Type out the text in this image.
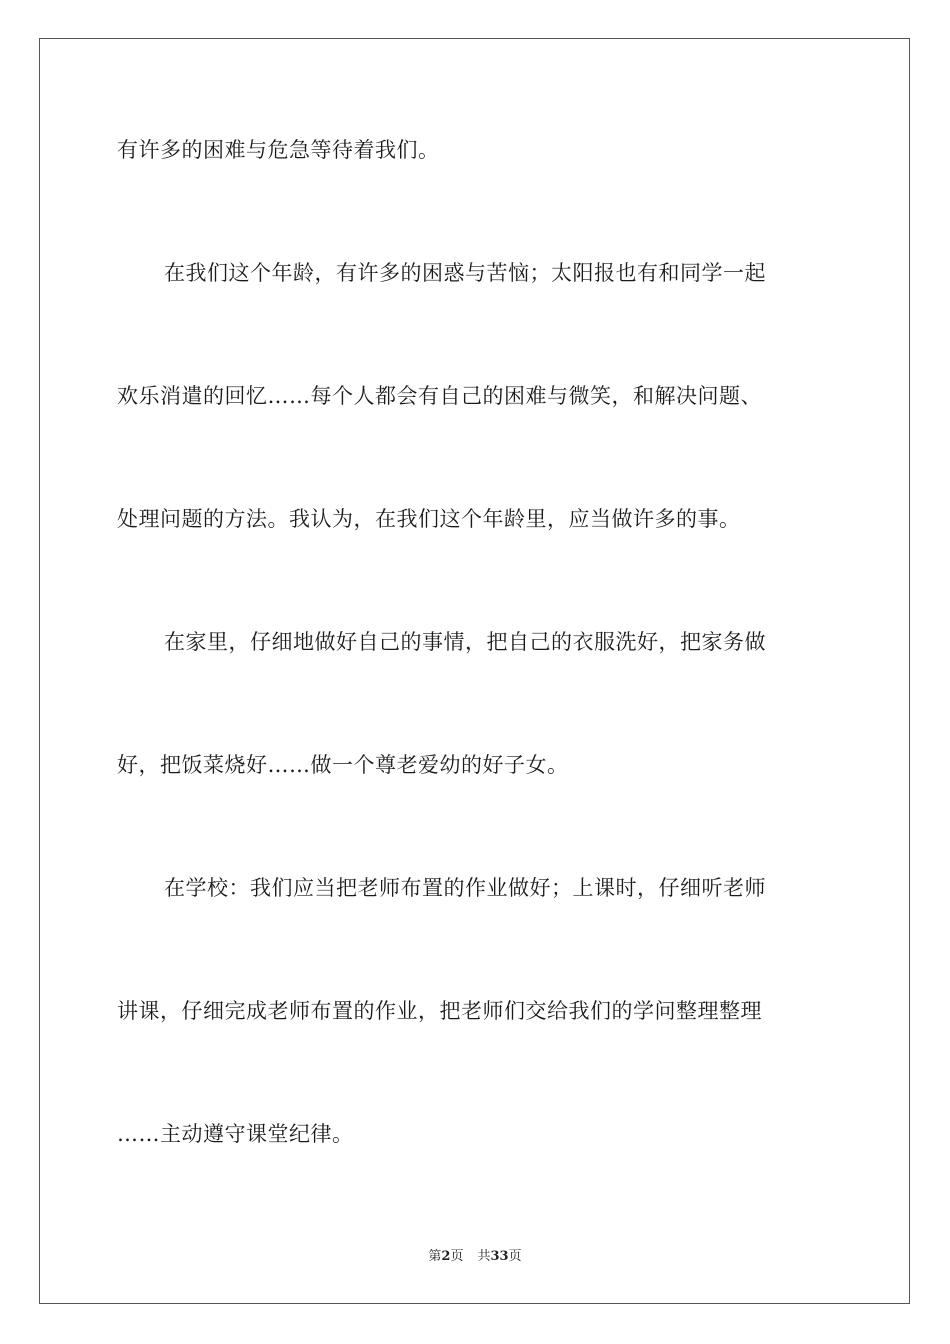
有许多的困难与危急等待着我们。
在我们这个年龄，有许多的困惑与苦恼；太阳报也有和同学一起
欢乐消遣的回忆……每个人都会有自己的困难与微笑，和解决问题、
处理问题的方法。我认为，在我们这个年龄里，应当做许多的事。
在家里，仔细地做好自己的事情，把自己的衣服洗好，把家务做
好，把饭菜烧好……做一个尊老爱幼的好子女。
在学校：我们应当把老师布置的作业做好；上课时，仔细听老师
讲课，仔细完成老师布置的作业，把老师们交给我们的学问整理整理
……主动遵守课堂纪律。
第2页 共33页
